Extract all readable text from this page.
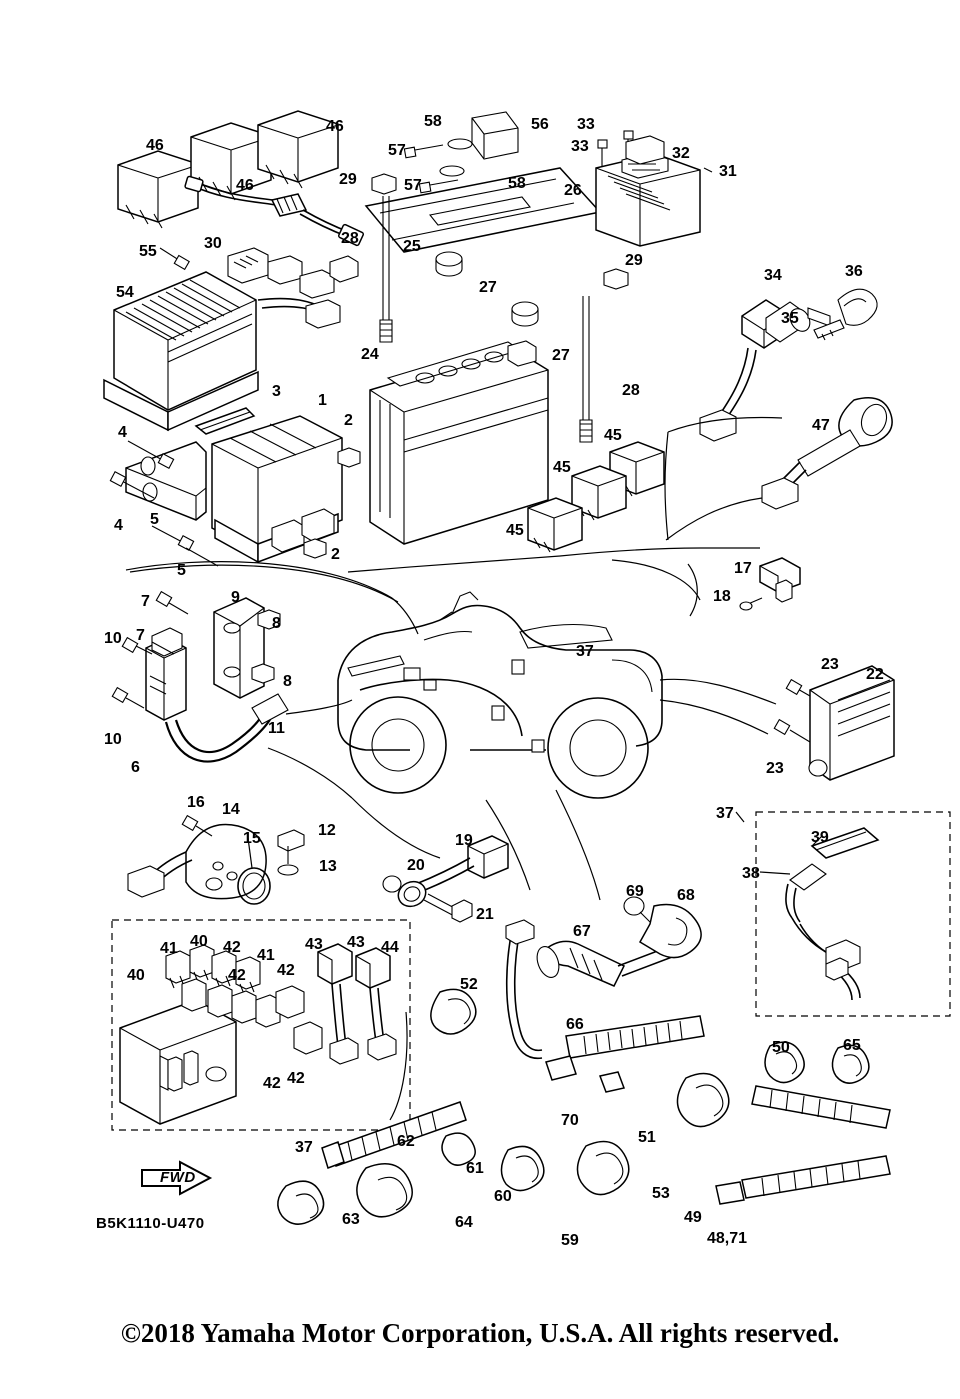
46
46
46
58	56 33
33	32
31
57
29	57	58 26
30	28	25
29
55
54	27
34	36
35
24	27
28
47
3
1
2
4	45
45
4 5
45
2
5	17
18
7	9
8
7
10
8
37
23
22
10
11
6	23
16 14
15	12
13
19
20
21
37
39
38
69 68
67
41 40 42 41
43 43 44
40	42 42
52
66
50	65
42 42
70
51
37	62
61
60	53
49
63	64
59	48,71
FWD
B5K1110-U470
©2018 Yamaha Motor Corporation, U.S.A. All rights reserved.
